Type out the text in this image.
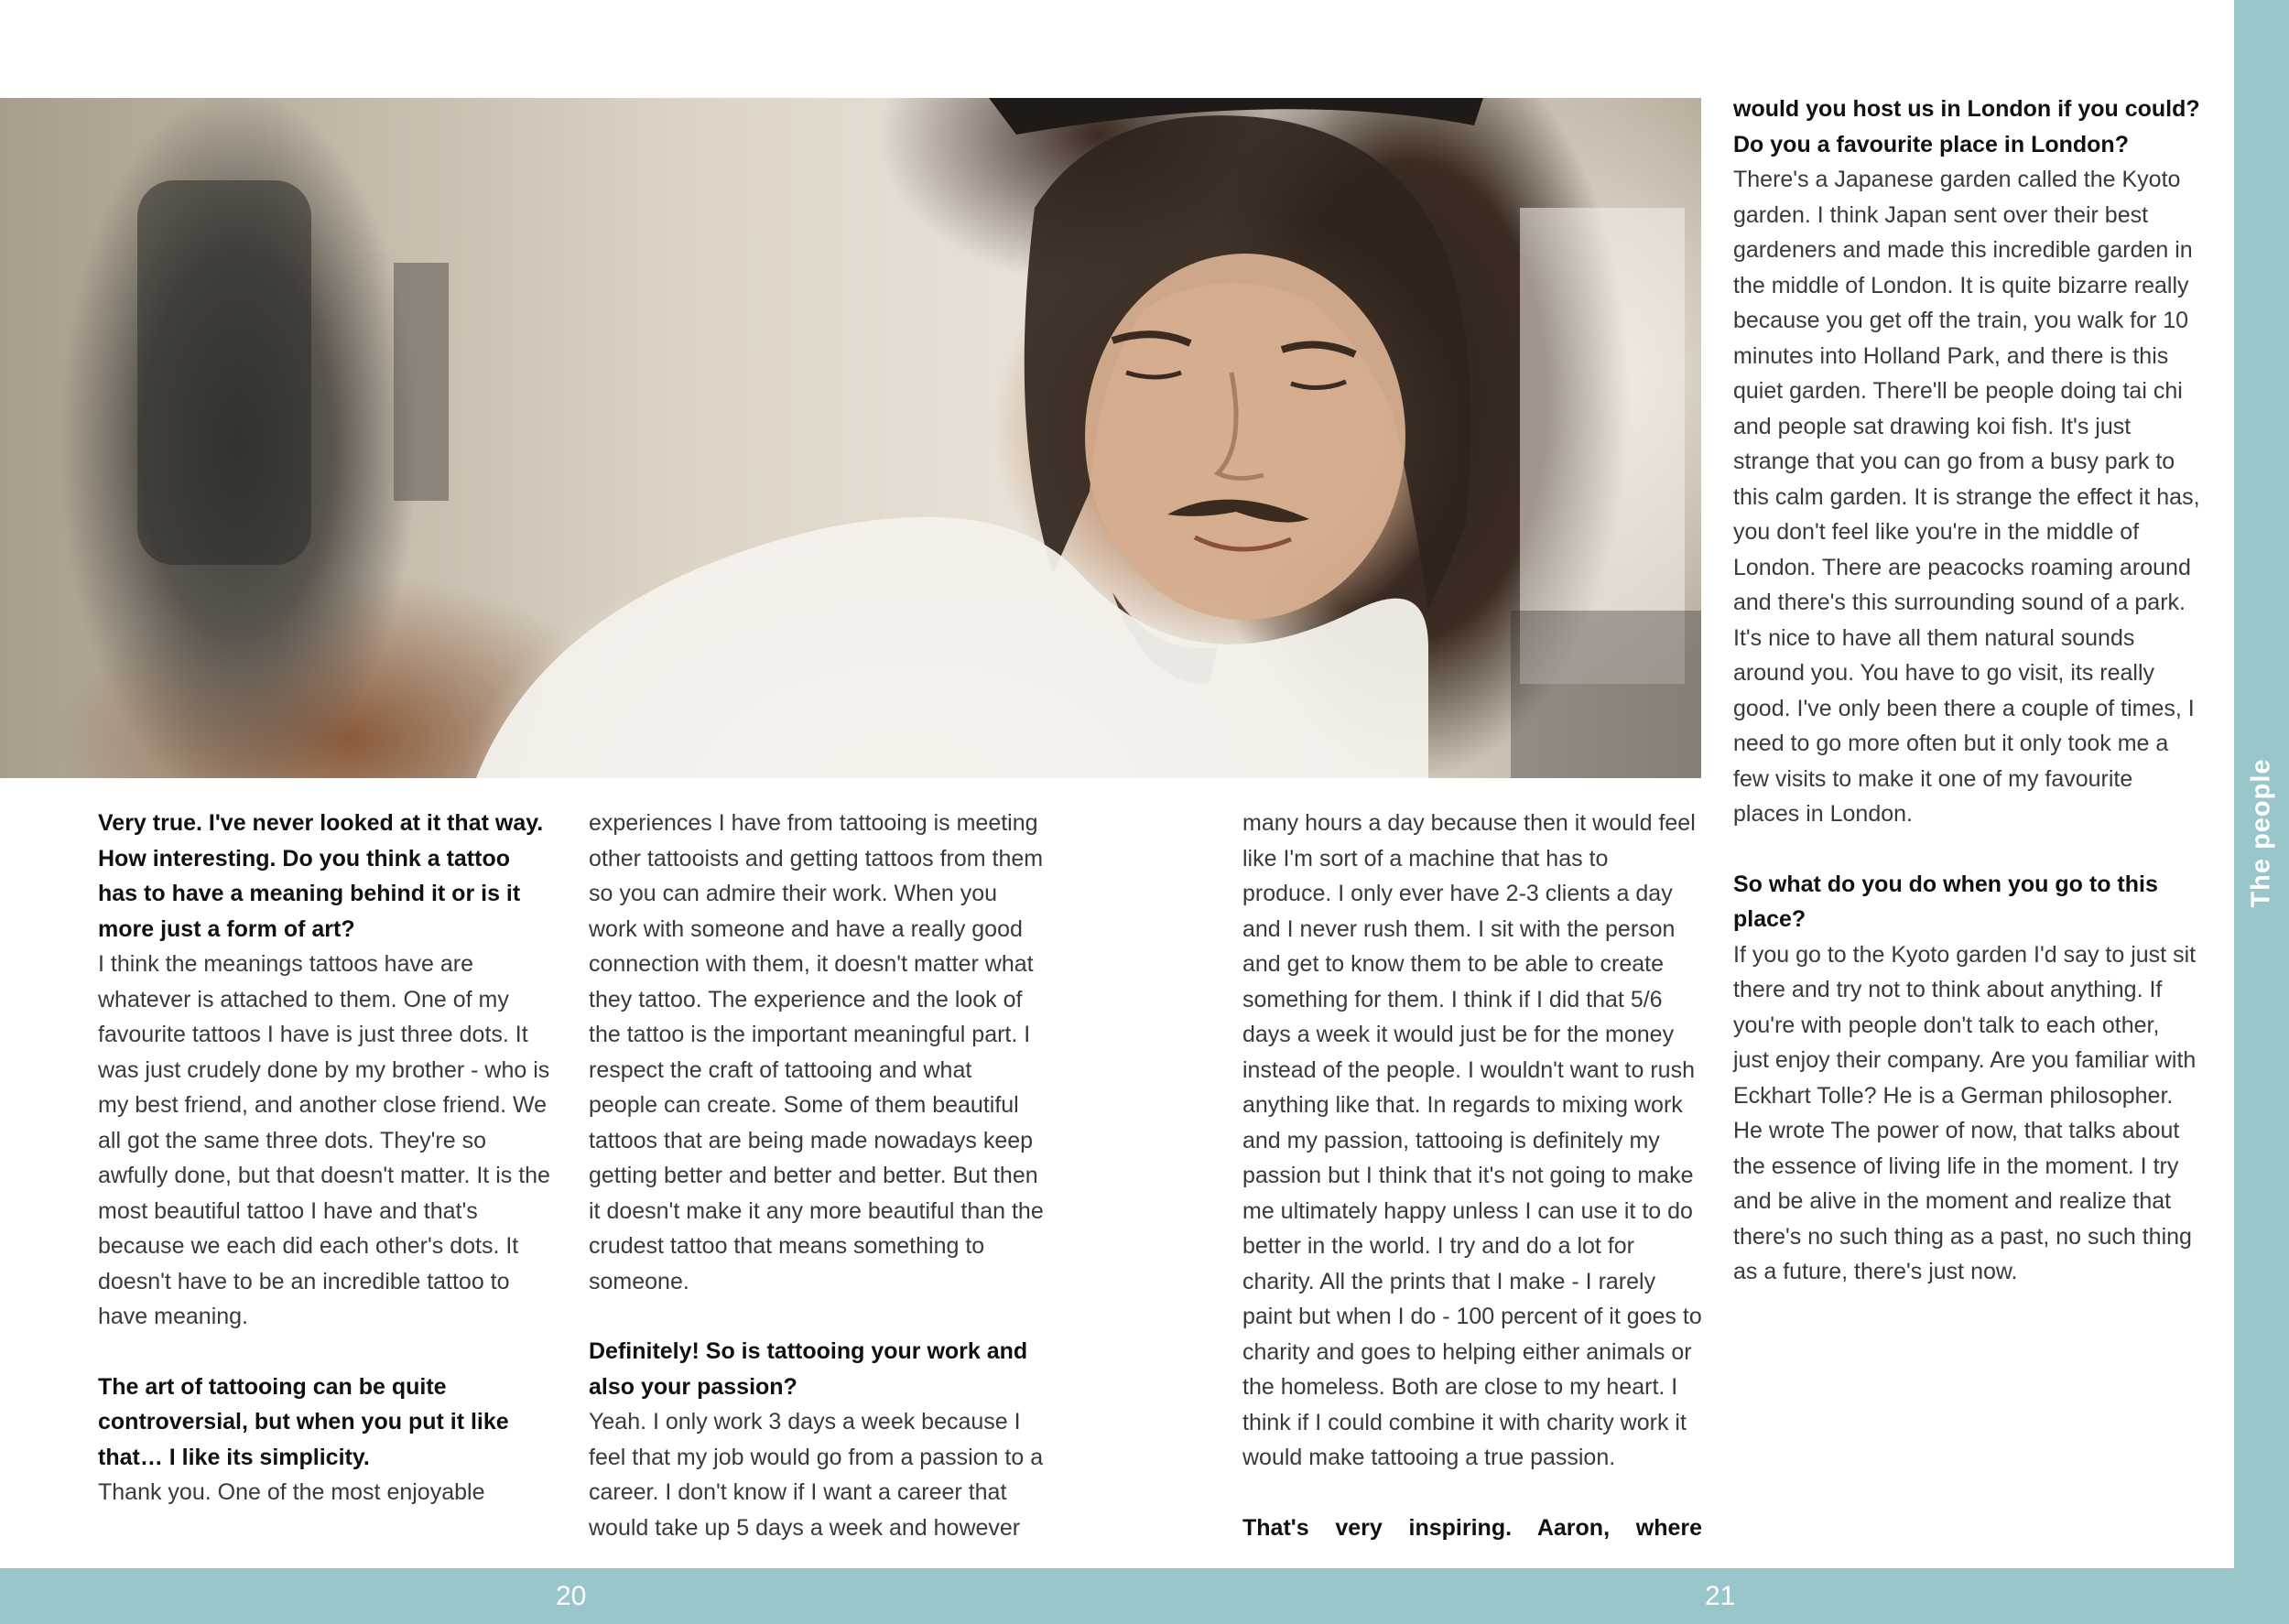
Very true. I've never looked at it that way. How interesting. Do you think a tattoo has to have a meaning behind it or is it more just a form of art?

I think the meanings tattoos have are whatever is attached to them. One of my favourite tattoos I have is just three dots. It was just crudely done by my brother - who is my best friend, and another close friend. We all got the same three dots. They're so awfully done, but that doesn't matter. It is the most beautiful tattoo I have and that's because we each did each other's dots. It doesn't have to be an incredible tattoo to have meaning.

The art of tattooing can be quite controversial, but when you put it like that… I like its simplicity.

Thank you. One of the most enjoyable

experiences I have from tattooing is meeting other tattooists and getting tattoos from them so you can admire their work. When you work with someone and have a really good connection with them, it doesn't matter what they tattoo. The experience and the look of the tattoo is the important meaningful part. I respect the craft of tattooing and what people can create. Some of them beautiful tattoos that are being made nowadays keep getting better and better and better. But then it doesn't make it any more beautiful than the crudest tattoo that means something to someone.

Definitely! So is tattooing your work and also your passion?

Yeah. I only work 3 days a week because I feel that my job would go from a passion to a career. I don't know if I want a career that would take up 5 days a week and however

many hours a day because then it would feel like I'm sort of a machine that has to produce. I only ever have 2-3 clients a day and I never rush them. I sit with the person and get to know them to be able to create something for them. I think if I did that 5/6 days a week it would just be for the money instead of the people. I wouldn't want to rush anything like that. In regards to mixing work and my passion, tattooing is definitely my passion but I think that it's not going to make me ultimately happy unless I can use it to do better in the world. I try and do a lot for charity. All the prints that I make - I rarely paint but when I do - 100 percent of it goes to charity and goes to helping either animals or the homeless. Both are close to my heart. I think if I could combine it with charity work it would make tattooing a true passion.

That's very inspiring. Aaron, where

would you host us in London if you could? Do you a favourite place in London?

There's a Japanese garden called the Kyoto garden. I think Japan sent over their best gardeners and made this incredible garden in the middle of London. It is quite bizarre really because you get off the train, you walk for 10 minutes into Holland Park, and there is this quiet garden. There'll be people doing tai chi and people sat drawing koi fish. It's just strange that you can go from a busy park to this calm garden. It is strange the effect it has, you don't feel like you're in the middle of London. There are peacocks roaming around and there's this surrounding sound of a park. It's nice to have all them natural sounds around you. You have to go visit, its really good. I've only been there a couple of times, I need to go more often but it only took me a few visits to make it one of my favourite places in London.

So what do you do when you go to this place?

If you go to the Kyoto garden I'd say to just sit there and try not to think about anything. If you're with people don't talk to each other, just enjoy their company. Are you familiar with Eckhart Tolle? He is a German philosopher. He wrote The power of now, that talks about the essence of living life in the moment. I try and be alive in the moment and realize that there's no such thing as a past, no such thing as a future, there's just now.

20	21
The people
